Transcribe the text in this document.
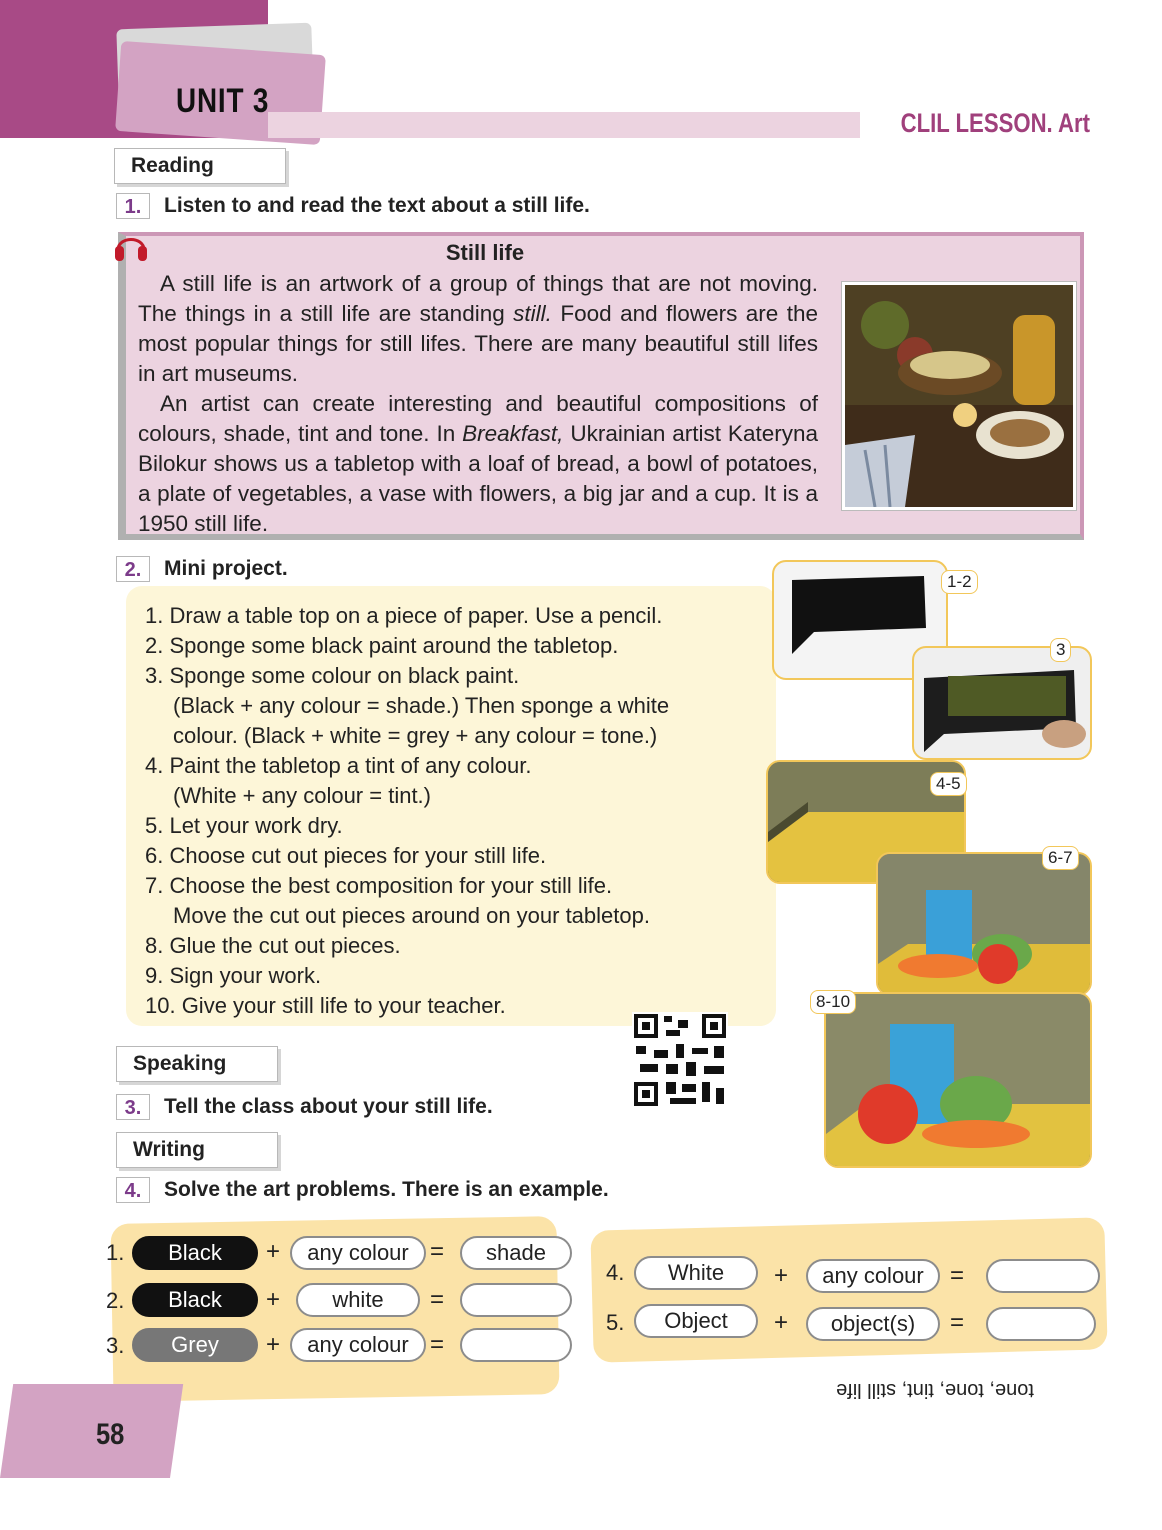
UNIT 3
CLIL LESSON. Art
Reading
1.	Listen to and read the text about a still life.
Still life
A still life is an artwork of a group of things that are not moving. The things in a still life are standing still. Food and flowers are the most popular things for still lifes. There are many beautiful still lifes in art museums.
An artist can create interesting and beautiful compositions of colours, shade, tint and tone. In Breakfast, Ukrainian artist Kateryna Bilokur shows us a tabletop with a loaf of bread, a bowl of potatoes, a plate of vegetables, a vase with flowers, a big jar and a cup. It is a 1950 still life.
2.	Mini project.
1. Draw a table top on a piece of paper. Use a pencil.
2. Sponge some black paint around the tabletop.
3. Sponge some colour on black paint.
(Black + any colour = shade.) Then sponge a white
colour. (Black + white = grey + any colour = tone.)
4. Paint the tabletop a tint of any colour.
(White + any colour = tint.)
5. Let your work dry.
6. Choose cut out pieces for your still life.
7. Choose the best composition for your still life.
Move the cut out pieces around on your tabletop.
8. Glue the cut out pieces.
9. Sign your work.
10. Give your still life to your teacher.
1-2
3
4-5
6-7
8-10
Speaking
3.	Tell the class about your still life.
Writing
4.	Solve the art problems. There is an example.
1.	Black	+	any colour =	shade
2.	Black	+	white	=
3.	Grey	+	any colour =
4.	White	+	any colour	=
5.	Object	+	object(s)	=
tone, tone, tint, still life
58
